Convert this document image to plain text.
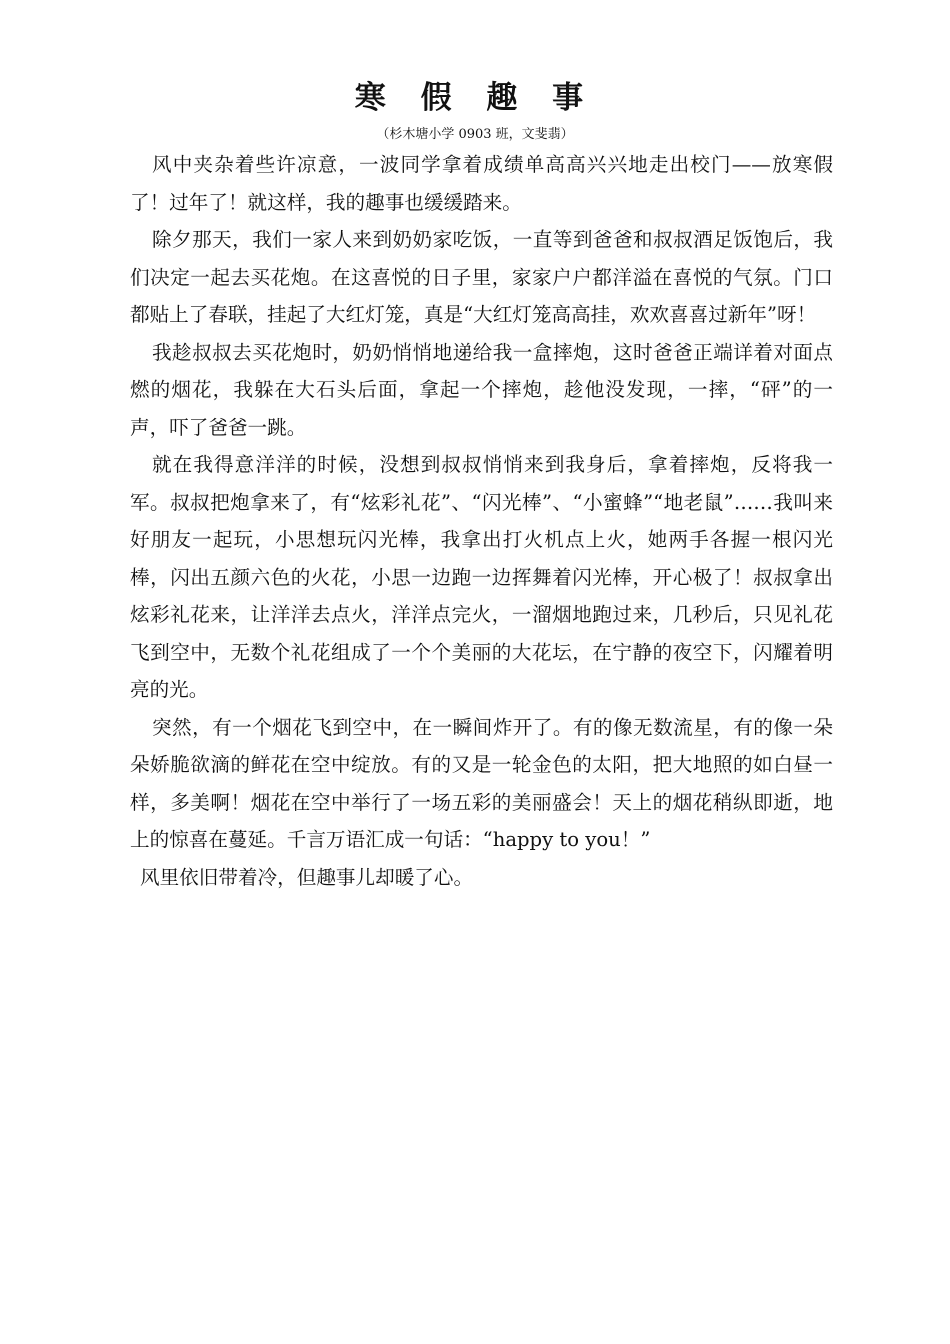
寒 假 趣 事

（杉木塘小学 0903 班，文斐翡）

风中夹杂着些许凉意，一波同学拿着成绩单高高兴兴地走出校门——放寒假了！过年了！就这样，我的趣事也缓缓踏来。

除夕那天，我们一家人来到奶奶家吃饭，一直等到爸爸和叔叔酒足饭饱后，我们决定一起去买花炮。在这喜悦的日子里，家家户户都洋溢在喜悦的气氛。门口都贴上了春联，挂起了大红灯笼，真是“大红灯笼高高挂，欢欢喜喜过新年”呀！

我趁叔叔去买花炮时，奶奶悄悄地递给我一盒摔炮，这时爸爸正端详着对面点燃的烟花，我躲在大石头后面，拿起一个摔炮，趁他没发现，一摔，“砰”的一声，吓了爸爸一跳。

就在我得意洋洋的时候，没想到叔叔悄悄来到我身后，拿着摔炮，反将我一军。叔叔把炮拿来了，有“炫彩礼花”、“闪光棒”、“小蜜蜂”“地老鼠”……我叫来好朋友一起玩，小思想玩闪光棒，我拿出打火机点上火，她两手各握一根闪光棒，闪出五颜六色的火花，小思一边跑一边挥舞着闪光棒，开心极了！叔叔拿出炫彩礼花来，让洋洋去点火，洋洋点完火，一溜烟地跑过来，几秒后，只见礼花飞到空中，无数个礼花组成了一个个美丽的大花坛，在宁静的夜空下，闪耀着明亮的光。

突然，有一个烟花飞到空中，在一瞬间炸开了。有的像无数流星，有的像一朵朵娇脆欲滴的鲜花在空中绽放。有的又是一轮金色的太阳，把大地照的如白昼一样，多美啊！烟花在空中举行了一场五彩的美丽盛会！天上的烟花稍纵即逝，地上的惊喜在蔓延。千言万语汇成一句话：“happy to you！”

风里依旧带着冷，但趣事儿却暖了心。
